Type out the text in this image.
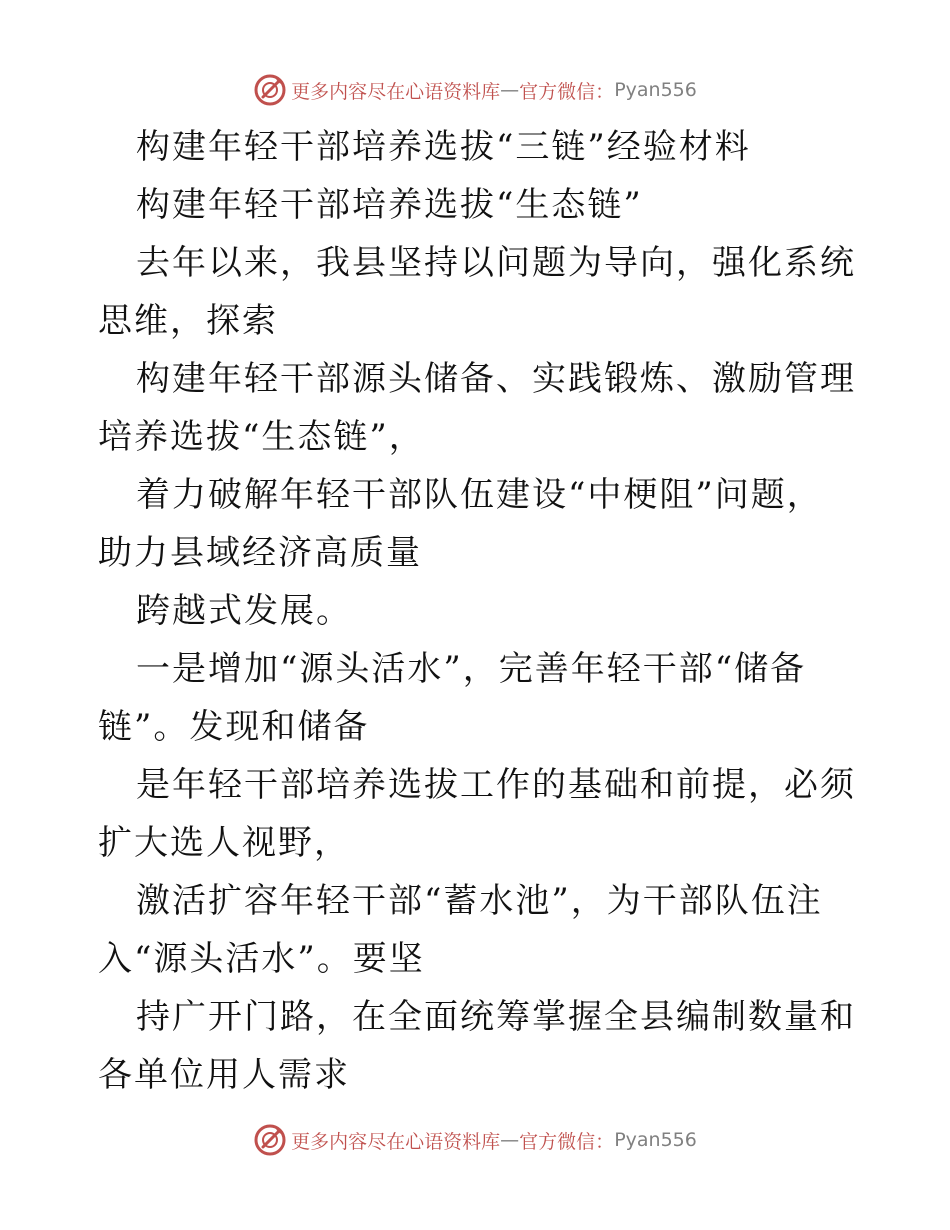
更多内容尽在心语资料库 — 官方微信： Pyan556

构建年轻干部培养选拔“三链”经验材料

构建年轻干部培养选拔“生态链”

去年以来，我县坚持以问题为导向，强化系统思维，探索

构建年轻干部源头储备、实践锻炼、激励管理培养选拔“生态链”，

着力破解年轻干部队伍建设“中梗阻”问题，助力县域经济高质量

跨越式发展。

一是增加“源头活水”，完善年轻干部“储备链”。发现和储备

是年轻干部培养选拔工作的基础和前提，必须扩大选人视野，

激活扩容年轻干部“蓄水池”，为干部队伍注入“源头活水”。要坚

持广开门路，在全面统筹掌握全县编制数量和各单位用人需求

更多内容尽在心语资料库 — 官方微信： Pyan556
